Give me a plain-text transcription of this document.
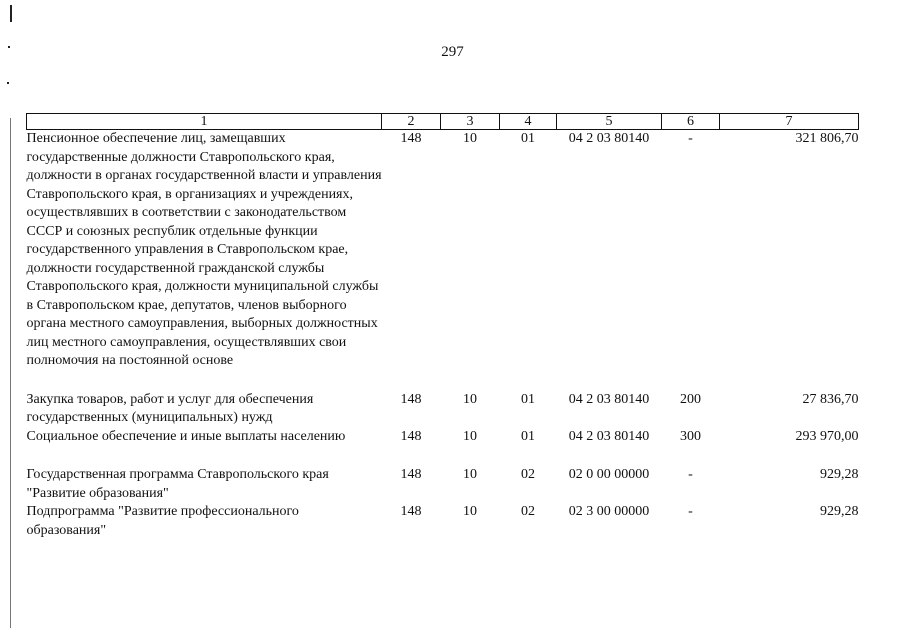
297
1	2	3	4	5	6	7
Пенсионное обеспечение лиц, замещавших государственные должности Ставропольского края, должности в органах государственной власти и управления Ставропольского края, в организациях и учреждениях, осуществлявших в соответствии с законодательством СССР и союзных республик отдельные функции государственного управления в Ставропольском крае, должности государственной гражданской службы Ставропольского края, должности муниципальной службы в Ставропольском крае, депутатов, членов выборного органа местного самоуправления, выборных должностных лиц местного самоуправления, осуществлявших свои полномочия на постоянной основе	148	10	01	04 2 03 80140	-	321 806,70

Закупка товаров, работ и услуг для обеспечения государственных (муниципальных) нужд	148	10	01	04 2 03 80140	200	27 836,70
Социальное обеспечение и иные выплаты населению	148	10	01	04 2 03 80140	300	293 970,00

Государственная программа Ставропольского края "Развитие образования"	148	10	02	02 0 00 00000	-	929,28
Подпрограмма "Развитие профессионального образования"	148	10	02	02 3 00 00000	-	929,28
